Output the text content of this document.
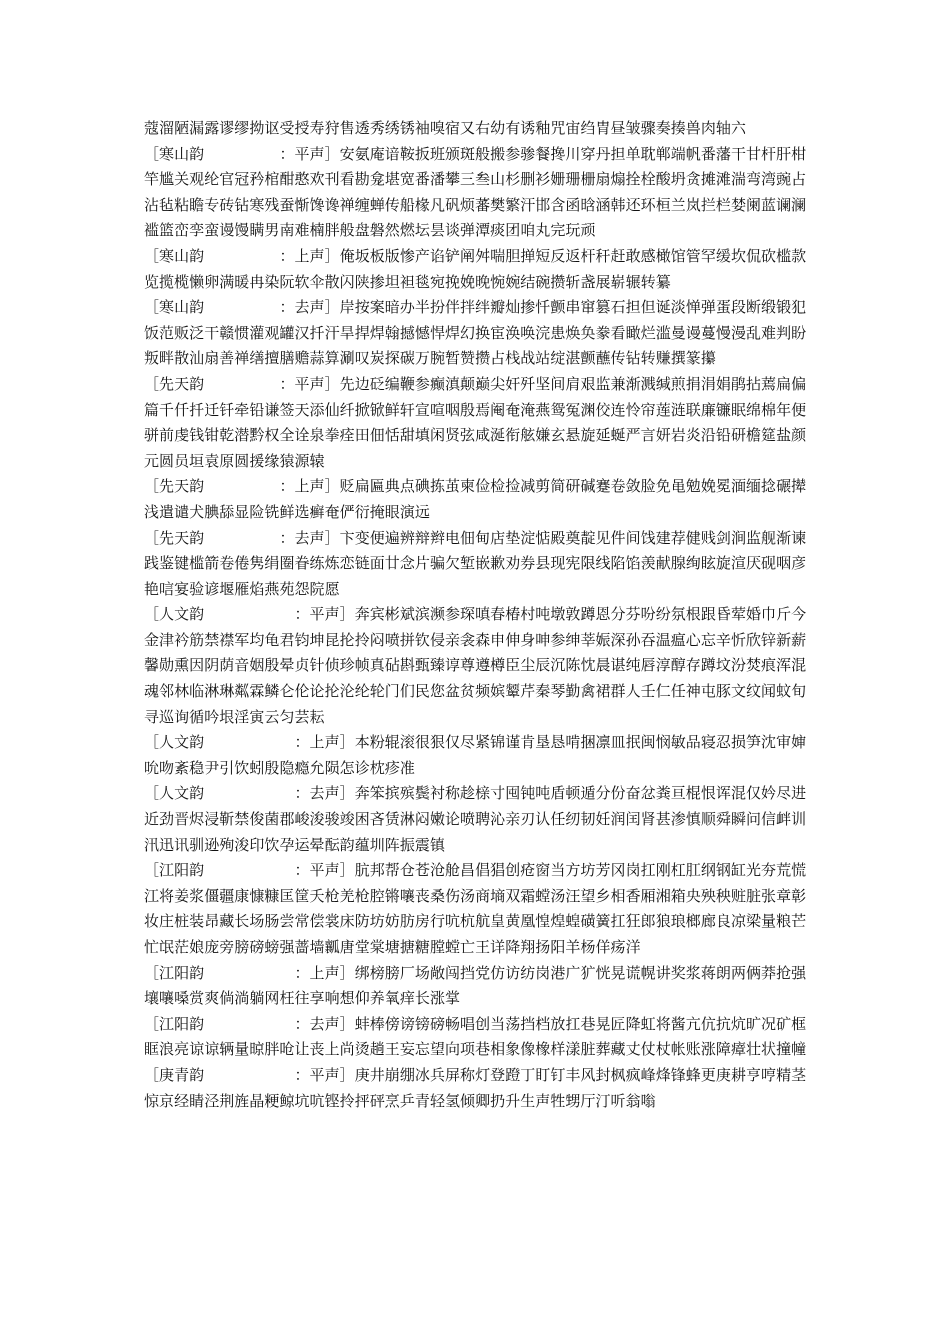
蔻溜陋漏露谬缪拗讴受授寿狩售透秀绣锈袖嗅宿又右幼有诱釉咒宙绉胄昼皱骤奏揍兽肉轴六

［寒山韵　　　　　：平声］安氨庵谙鞍扳班颁斑般搬参骖餐搀川穿丹担单耽郸端帆番藩干甘杆肝柑竿尴关观纶官冠矜棺酣憨欢刊看勘龛堪宽番潘攀三叁山杉删衫姗珊栅扇煽拴栓酸坍贪摊滩湍弯湾豌占沾毡粘瞻专砖钻寒残蚕惭馋谗禅缠蝉传船椽凡矾烦蕃樊繁汗邯含函晗涵韩还环桓兰岚拦栏婪阑蓝谰澜褴篮峦孪蛮谩馒瞒男南难楠胖般盘磐然燃坛昙谈弹潭痰团咱丸完玩顽

［寒山韵　　　　　：上声］俺坂板版惨产谄铲阐舛喘胆掸短反返杆秆赶敢感橄馆管罕缓坎侃砍槛款览揽榄懒卵满暖冉染阮软伞散闪陕掺坦袒毯宛挽娩晚惋婉结碗攒斩盏展崭辗转纂

［寒山韵　　　　　：去声］岸按案暗办半扮伴拌绊瓣灿掺忏颤串窜篡石担但诞淡惮弹蛋段断缎锻犯饭范贩泛干赣惯灌观罐汉扦汗旱捍焊翰撼憾悍焊幻换宦涣唤浣患焕奂豢看瞰烂滥曼谩蔓慢漫乱难判盼叛畔散汕扇善禅缮擅膳赡蒜算涮叹炭探碳万腕暂赞攒占栈战站绽湛颤蘸传钻转赚撰篆攥

［先天韵　　　　　：平声］先边砭编鞭参癫滇颠巅尖奸歼坚间肩艰监兼渐溅缄煎捐涓娟鹃拈蔫扁偏篇千仟扦迁钎牵铅谦签天添仙纤掀锨鲜轩宣喧咽殷焉阉奄淹燕鸳冤渊佼连怜帘莲涟联廉镰眠绵棉年便骈前虔钱钳乾潜黔权全诠泉拳痊田佃恬甜填闲贤弦咸涎衔舷嫌玄悬旋延蜒严言妍岩炎沿铅研檐筵盐颜元圆员垣袁原圆援缘猿源辕

［先天韵　　　　　：上声］贬扁匾典点碘拣茧柬俭检捡减剪简研碱蹇卷敛脸免黾勉娩冕湎缅捻碾撵浅遣谴犬腆舔显险铣鲜选癣奄俨衍掩眼演远

［先天韵　　　　　：去声］卞变便遍辨辩辫电佃甸店垫淀惦殿奠靛见件间饯建荐健贱剑涧监舰渐谏践鉴键槛箭卷倦隽绢圈眷练炼恋链面廿念片骗欠堑嵌歉劝券县现宪限线陷馅羡献腺绚眩旋渲厌砚咽彦艳唁宴验谚堰雁焰燕苑怨院愿

［人文韵　　　　　　：平声］奔宾彬斌滨濒参琛嗔春椿村吨墩敦蹲恩分芬吩纷氛根跟昏荤婚巾斤今金津衿筋禁襟军均龟君钧坤昆抡拎闷喷拼钦侵亲衾森申伸身呻参绅莘娠深孙吞温瘟心忘辛忻欣锌新薪馨勋熏因阴荫音姻殷晕贞针侦珍帧真砧斟甄臻谆尊遵樽臣尘辰沉陈忱晨谌纯唇淳醇存蹲坟汾焚痕浑混魂邻林临淋琳粼霖鳞仑伦论抡沦纶轮门们民您盆贫频嫔颦芹秦琴勤禽裙群人壬仁任神屯豚文纹闻蚊旬寻巡询循吟垠淫寅云匀芸耘

［人文韵　　　　　　：上声］本粉辊滚很狠仅尽紧锦谨肯垦恳啃捆凛皿抿闽悯敏品寝忍损笋沈审婶吮吻紊稳尹引饮蚓殷隐瘾允陨怎诊枕疹准

［人文韵　　　　　　：去声］奔笨摈殡鬓衬称趁榇寸囤钝吨盾顿遁分份奋忿粪亘棍恨诨混仅妗尽进近劲晋烬浸靳禁俊菌郡峻浚骏竣困吝赁淋闷嫩论喷聘沁亲刃认任纫韧妊润闰肾甚渗慎顺舜瞬问信衅训汛迅讯驯逊殉浚印饮孕运晕酝韵蕴圳阵振震镇

［江阳韵　　　　　　：平声］肮邦帮仓苍沧舱昌倡猖创疮窗当方坊芳冈岗扛刚杠肛纲钢缸光夯荒慌江将姜浆僵疆康慷糠匡筐夭枪羌枪腔锵嚷丧桑伤汤商墒双霜螳汤汪望乡相香厢湘箱央殃秧赃脏张章彰妆庄桩装昂藏长场肠尝常偿裳床防坊妨肪房行吭杭航皇黄凰惶煌蝗磺簧扛狂郎狼琅榔廊良凉梁量粮芒忙氓茫娘庞旁膀磅螃强蔷墙瓤唐堂棠塘搪糖膛螳亡王详降翔扬阳羊杨佯疡洋

［江阳韵　　　　　　：上声］绑榜膀厂场敞闯挡党仿访纺岗港广犷恍晃谎幌讲奖浆蒋朗两俩莽抢强壤嚷嗓赏爽倘淌躺网枉往享响想仰养氧痒长涨掌

［江阳韵　　　　　　：去声］蚌棒傍谤镑磅畅唱创当荡挡档放扛巷晃匠降虹将酱亢伉抗炕旷况矿框眶浪亮谅谅辆量晾胖呛让丧上尚烫趟王妄忘望向项巷相象像橡样漾脏葬藏丈仗杖帐账涨障瘴壮状撞幢

［庚青韵　　　　　　：平声］庚井崩绷冰兵屏称灯登蹬丁盯钉丰风封枫疯峰烽锋蜂更庚耕亨哼精茎惊京经睛泾荆旌晶粳鲸坑吭铿拎抨砰烹乒青轻氢倾卿扔升生声牲甥厅汀听翁嗡
